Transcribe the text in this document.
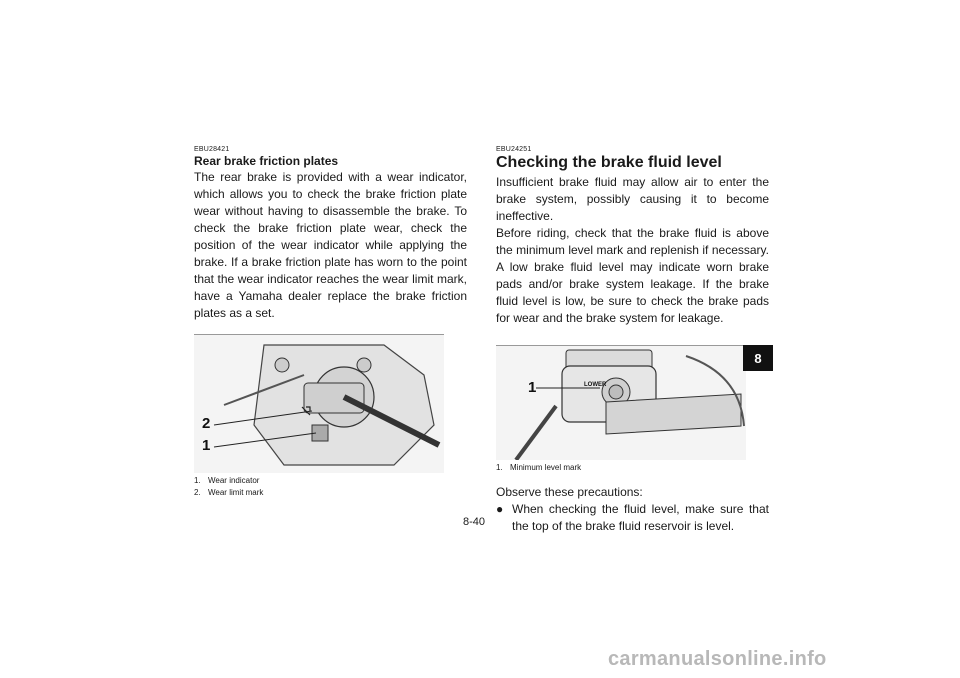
EBU28421

Rear brake friction plates

The rear brake is provided with a wear indicator, which allows you to check the brake friction plate wear without having to disassemble the brake. To check the brake friction plate wear, check the position of the wear indicator while applying the brake. If a brake friction plate has worn to the point that the wear indicator reaches the wear limit mark, have a Yamaha dealer replace the brake friction plates as a set.

2
1

1. Wear indicator

2. Wear limit mark

EBU24251

Checking the brake fluid level

Insufficient brake fluid may allow air to enter the brake system, possibly causing it to become ineffective.

Before riding, check that the brake fluid is above the minimum level mark and replenish if necessary. A low brake fluid level may indicate worn brake pads and/or brake system leakage. If the brake fluid level is low, be sure to check the brake pads for wear and the brake system for leakage.

1	LOWER

1. Minimum level mark

Observe these precautions:

● When checking the fluid level, make sure that the top of the brake fluid reservoir is level.
8-40
8
carmanualsonline.info
